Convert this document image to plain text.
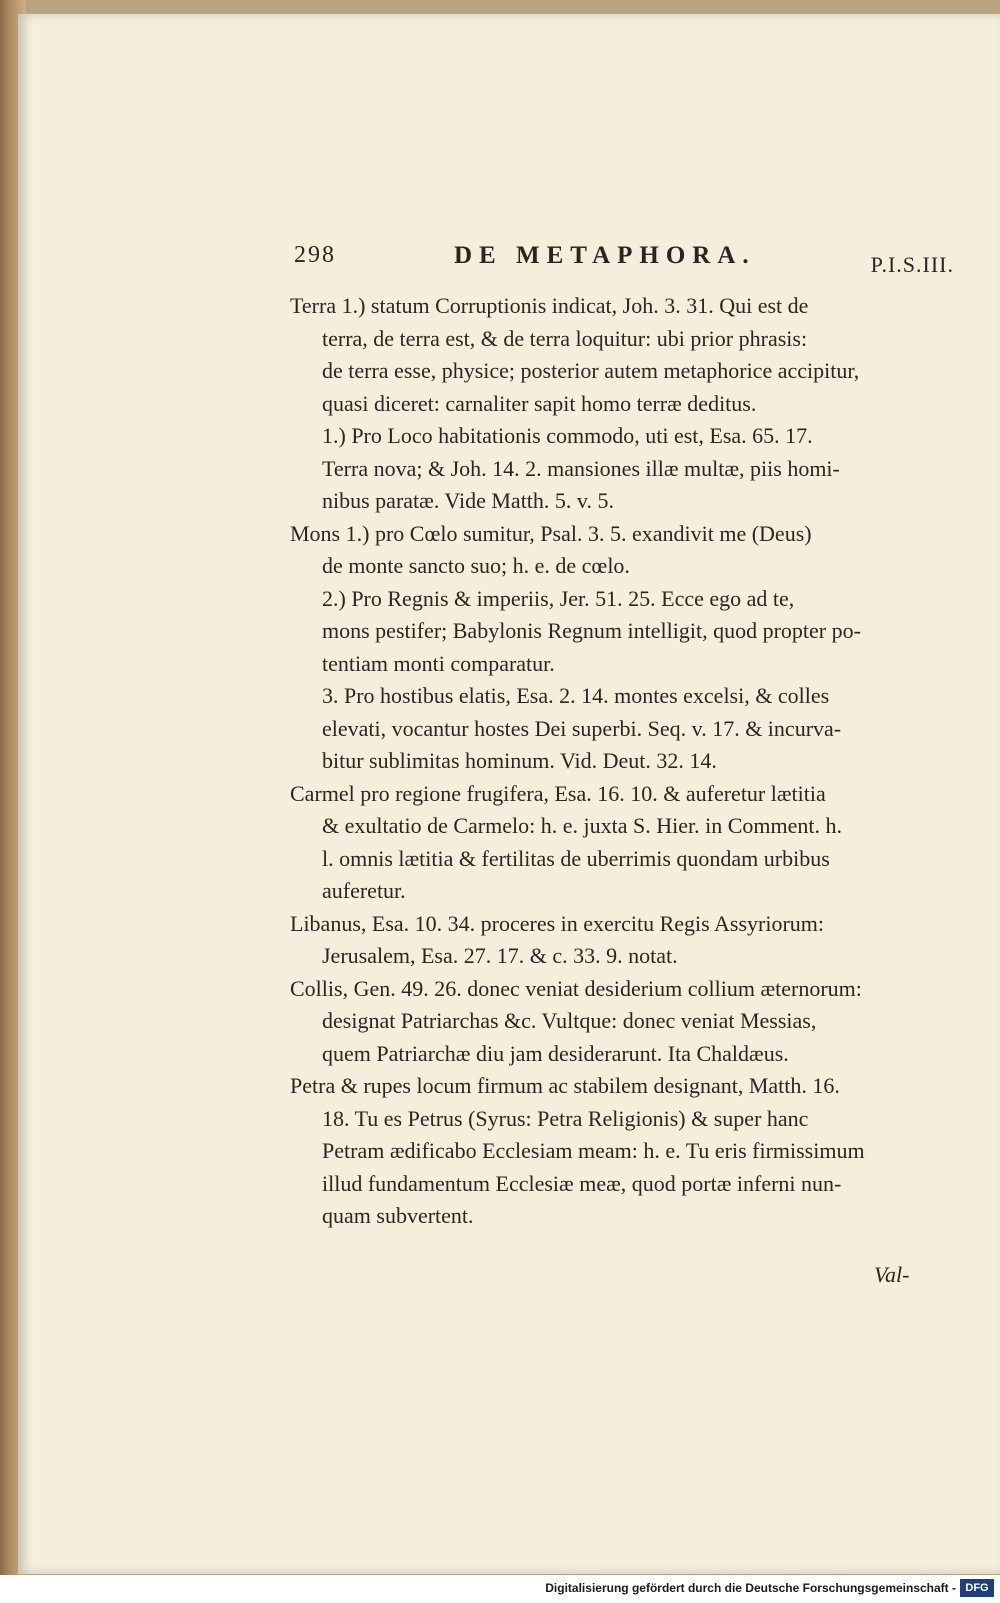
298	DE METAPHORA.	P.I.S.III.
Terra 1.) statum Corruptionis indicat, Joh. 3. 31. Qui est de
terra, de terra est, & de terra loquitur: ubi prior phrasis:
de terra esse, physice; posterior autem metaphorice accipitur,
quasi diceret: carnaliter sapit homo terræ deditus.
1.) Pro Loco habitationis commodo, uti est, Esa. 65. 17.
Terra nova; & Joh. 14. 2. mansiones illæ multæ, piis homi-
nibus paratæ. Vide Matth. 5. v. 5.
Mons 1.) pro Cœlo sumitur, Psal. 3. 5. exandivit me (Deus)
de monte sancto suo; h. e. de cœlo.
2.) Pro Regnis & imperiis, Jer. 51. 25. Ecce ego ad te,
mons pestifer; Babylonis Regnum intelligit, quod propter po-
tentiam monti comparatur.
3. Pro hostibus elatis, Esa. 2. 14. montes excelsi, & colles
elevati, vocantur hostes Dei superbi. Seq. v. 17. & incurva-
bitur sublimitas hominum. Vid. Deut. 32. 14.
Carmel pro regione frugifera, Esa. 16. 10. & auferetur lætitia
& exultatio de Carmelo: h. e. juxta S. Hier. in Comment. h.
l. omnis lætitia & fertilitas de uberrimis quondam urbibus
auferetur.
Libanus, Esa. 10. 34. proceres in exercitu Regis Assyriorum:
Jerusalem, Esa. 27. 17. & c. 33. 9. notat.
Collis, Gen. 49. 26. donec veniat desiderium collium æternorum:
designat Patriarchas &c. Vultque: donec veniat Messias,
quem Patriarchæ diu jam desiderarunt. Ita Chaldæus.
Petra & rupes locum firmum ac stabilem designant, Matth. 16.
18. Tu es Petrus (Syrus: Petra Religionis) & super hanc
Petram ædificabo Ecclesiam meam: h. e. Tu eris firmissimum
illud fundamentum Ecclesiæ meæ, quod portæ inferni nun-
quam subvertent.
Val-
Digitalisierung gefördert durch die Deutsche Forschungsgemeinschaft - DFG
